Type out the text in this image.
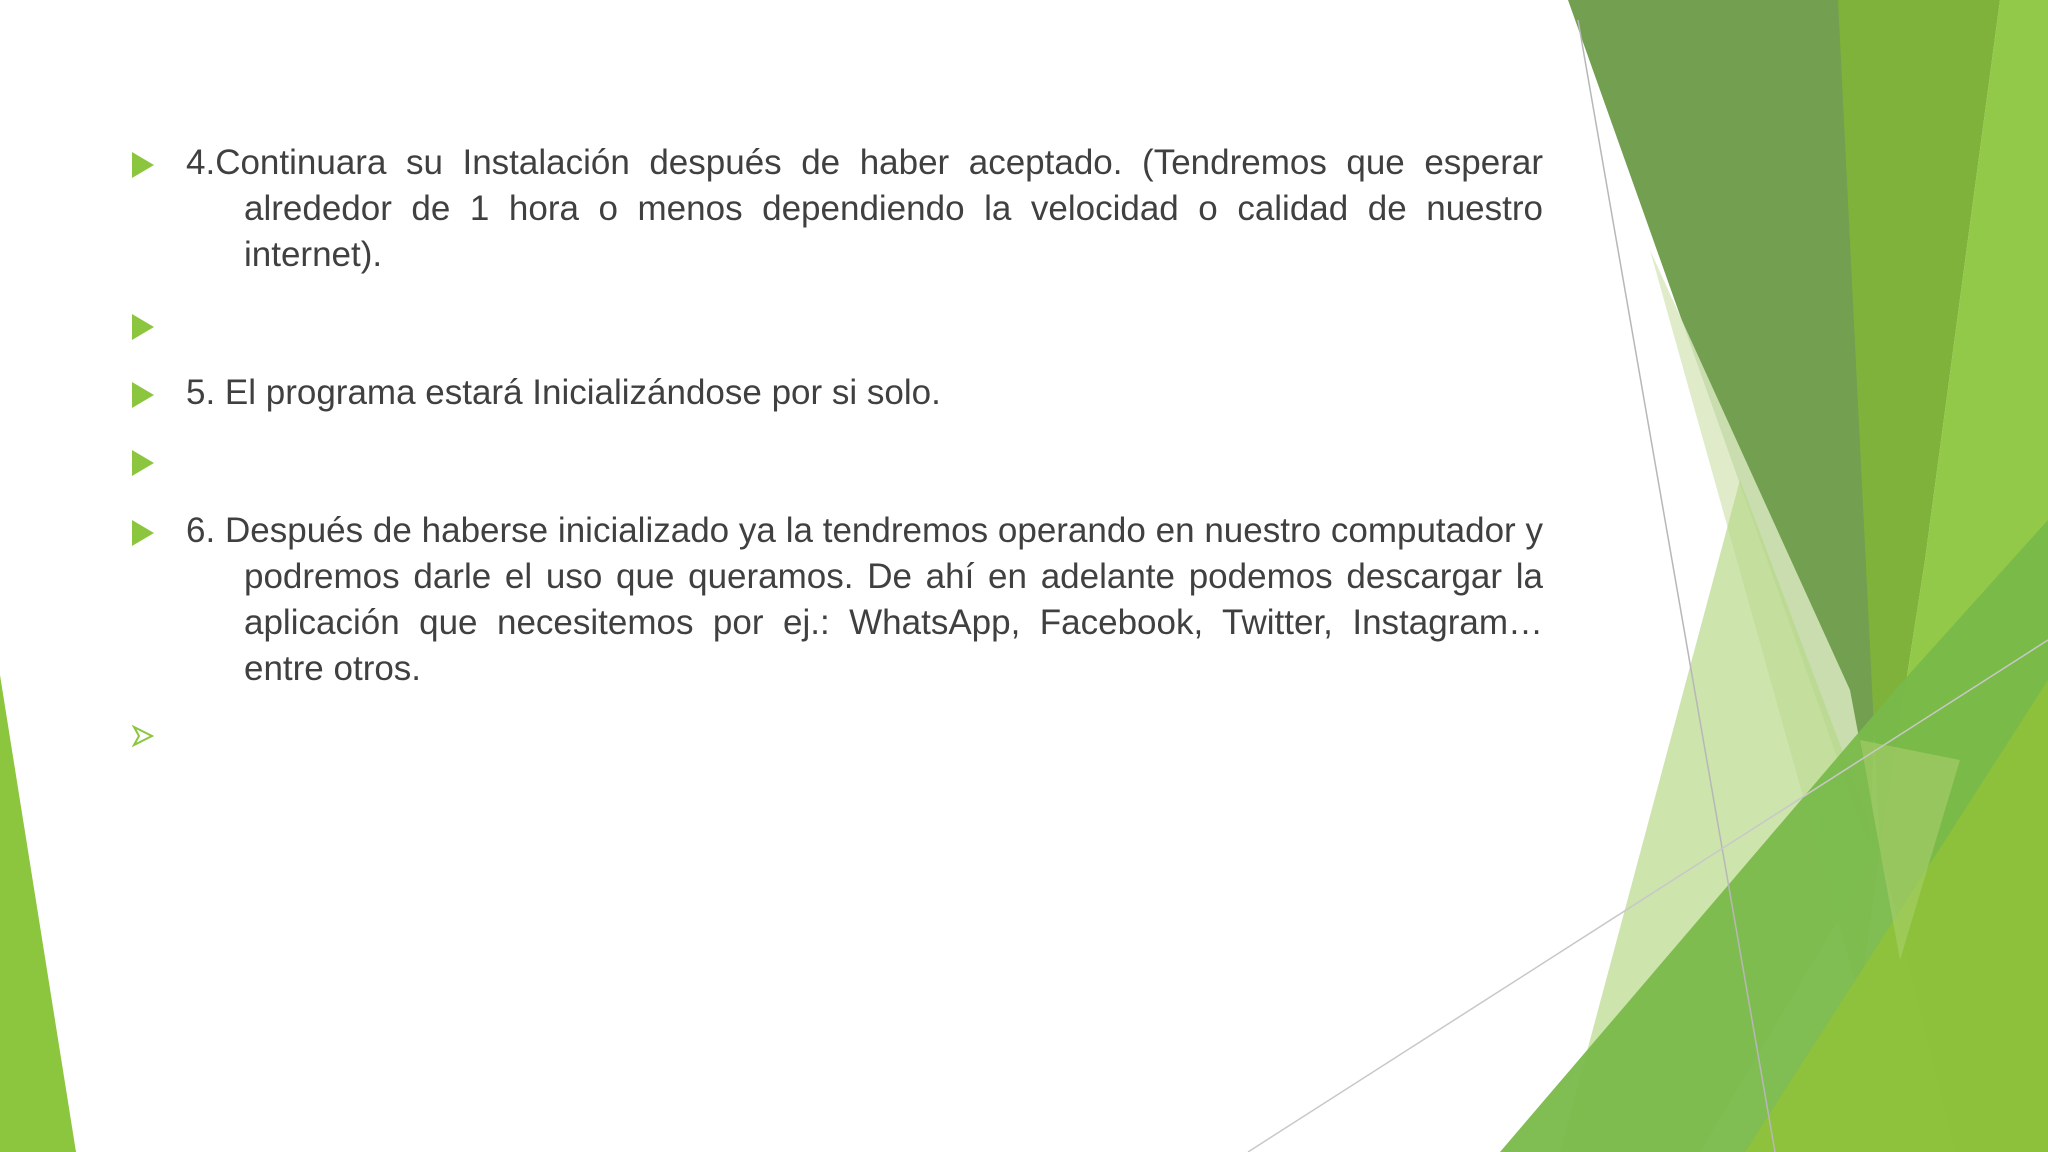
4.Continuara su Instalación después de haber aceptado. (Tendremos que esperar alrededor de 1 hora o menos dependiendo la velocidad o calidad de nuestro internet).
5. El programa estará Inicializándose por si solo.
6. Después de haberse inicializado ya la tendremos operando en nuestro computador y podremos darle el uso que queramos. De ahí en adelante podemos descargar la aplicación que necesitemos por ej.: WhatsApp, Facebook, Twitter, Instagram… entre otros.
